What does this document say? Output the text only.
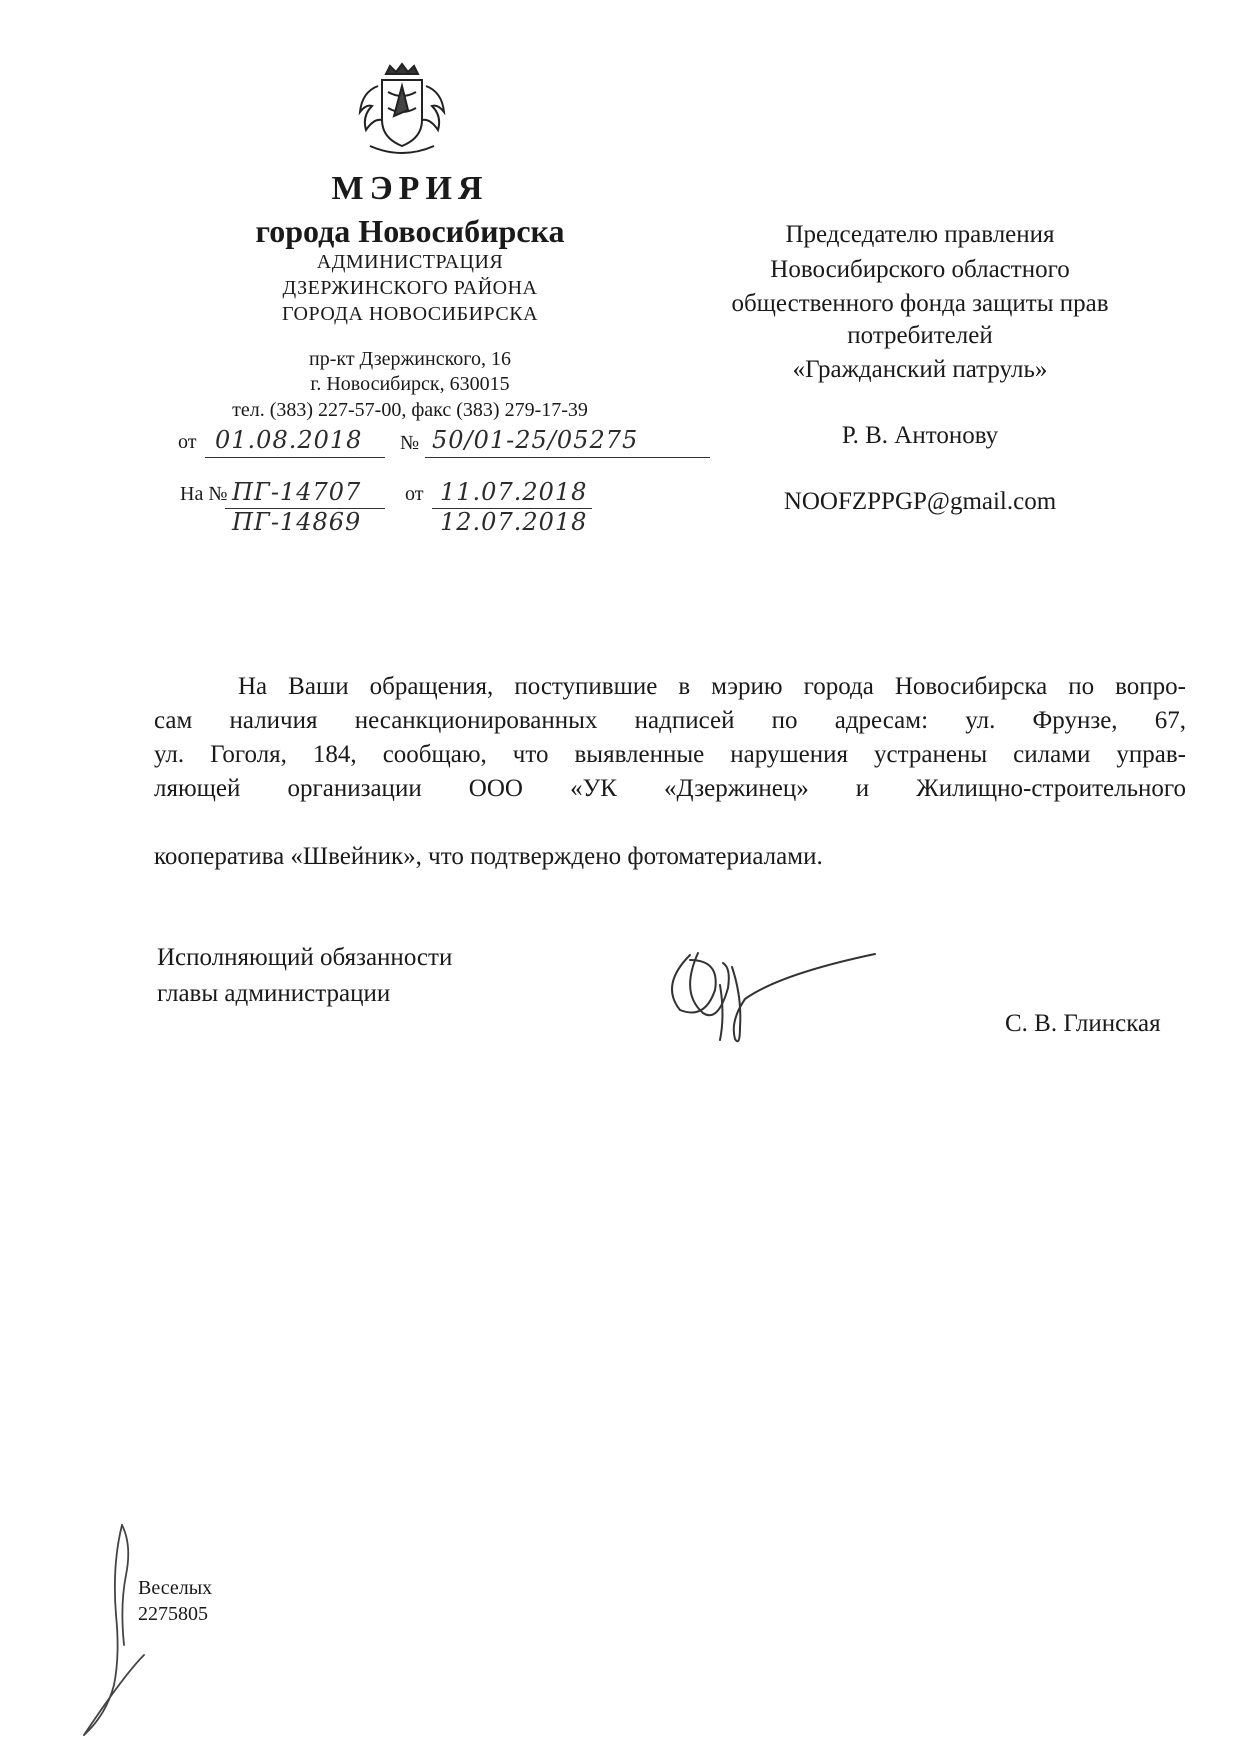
МЭРИЯ
города Новосибирска
АДМИНИСТРАЦИЯ
ДЗЕРЖИНСКОГО РАЙОНА
ГОРОДА НОВОСИБИРСКА
пр-кт Дзержинского, 16
г. Новосибирск, 630015
тел. (383) 227-57-00, факс (383) 279-17-39
от 01.08.2018 № 50/01-25/05275
На № ПГ-14707
ПГ-14869
от 11.07.2018
12.07.2018
Председателю правления
Новосибирского областного
общественного фонда защиты прав
потребителей
«Гражданский патруль»
Р. В. Антонову
NOOFZPPGP@gmail.com
На Ваши обращения, поступившие в мэрию города Новосибирска по вопро-
сам наличия несанкционированных надписей по адресам: ул. Фрунзе, 67,
ул. Гоголя, 184, сообщаю, что выявленные нарушения устранены силами управ-
ляющей организации ООО «УК «Дзержинец» и Жилищно-строительного
кооператива «Швейник», что подтверждено фотоматериалами.
Исполняющий обязанности
главы администрации
С. В. Глинская
Веселых
2275805
